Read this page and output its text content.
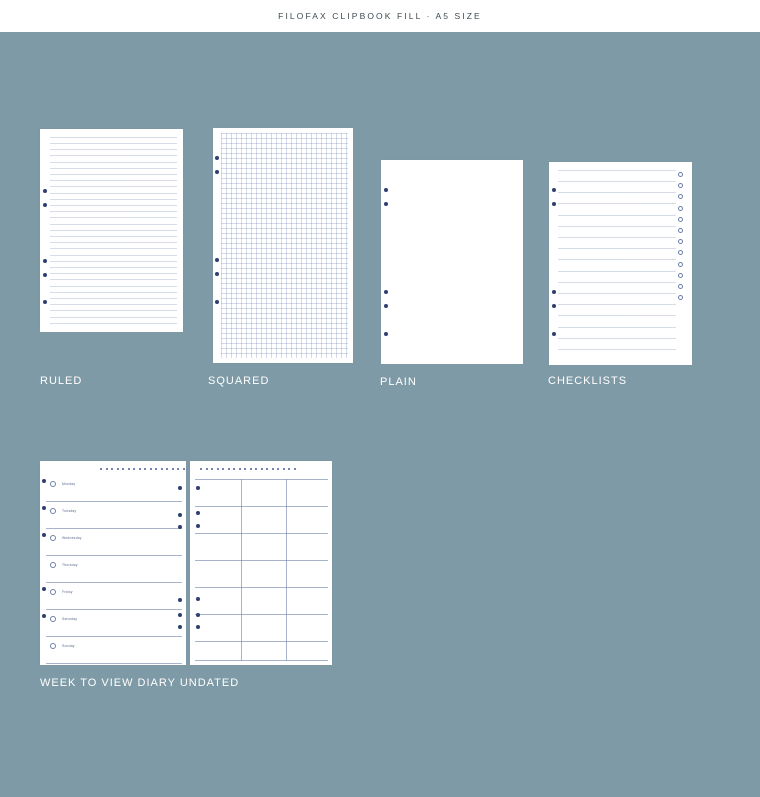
FILOFAX CLIPBOOK FILL · A5 SIZE
RULED	SQUARED	PLAIN	CHECKLISTS
Monday
Tuesday
Wednesday
Thursday
Friday
Saturday
Sunday
WEEK TO VIEW DIARY UNDATED
